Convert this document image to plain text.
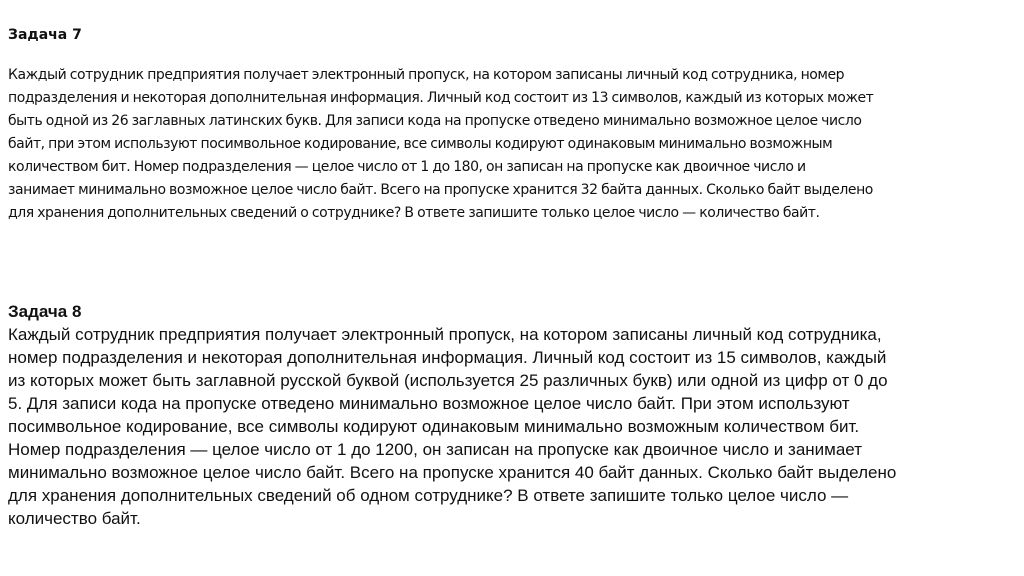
Задача 7

Каждый сотрудник предприятия получает электронный пропуск, на котором записаны личный код сотрудника, номер
подразделения и некоторая дополнительная информация. Личный код состоит из 13 символов, каждый из которых может
быть одной из 26 заглавных латинских букв. Для записи кода на пропуске отведено минимально возможное целое число
байт, при этом используют посимвольное кодирование, все символы кодируют одинаковым минимально возможным
количеством бит. Номер подразделения — целое число от 1 до 180, он записан на пропуске как двоичное число и
занимает минимально возможное целое число байт. Всего на пропуске хранится 32 байта данных. Сколько байт выделено
для хранения дополнительных сведений о сотруднике? В ответе запишите только целое число — количество байт.

Задача 8

Каждый сотрудник предприятия получает электронный пропуск, на котором записаны личный код сотрудника,
номер подразделения и некоторая дополнительная информация. Личный код состоит из 15 символов, каждый
из которых может быть заглавной русской буквой (используется 25 различных букв) или одной из цифр от 0 до
5. Для записи кода на пропуске отведено минимально возможное целое число байт. При этом используют
посимвольное кодирование, все символы кодируют одинаковым минимально возможным количеством бит.
Номер подразделения — целое число от 1 до 1200, он записан на пропуске как двоичное число и занимает
минимально возможное целое число байт. Всего на пропуске хранится 40 байт данных. Сколько байт выделено
для хранения дополнительных сведений об одном сотруднике? В ответе запишите только целое число —
количество байт.
